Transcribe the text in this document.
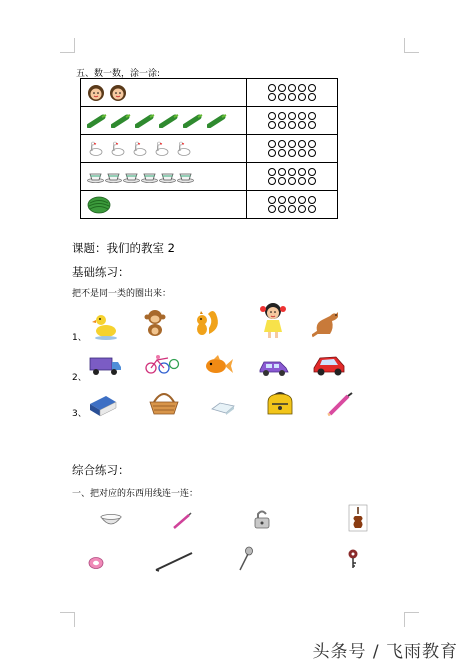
五、数一数，涂一涂:

课题：我们的教室 2
基础练习：
把不是同一类的圈出来：
1、
2、
3、
综合练习：
一、把对应的东西用线连一连：
头条号 / 飞雨教育
